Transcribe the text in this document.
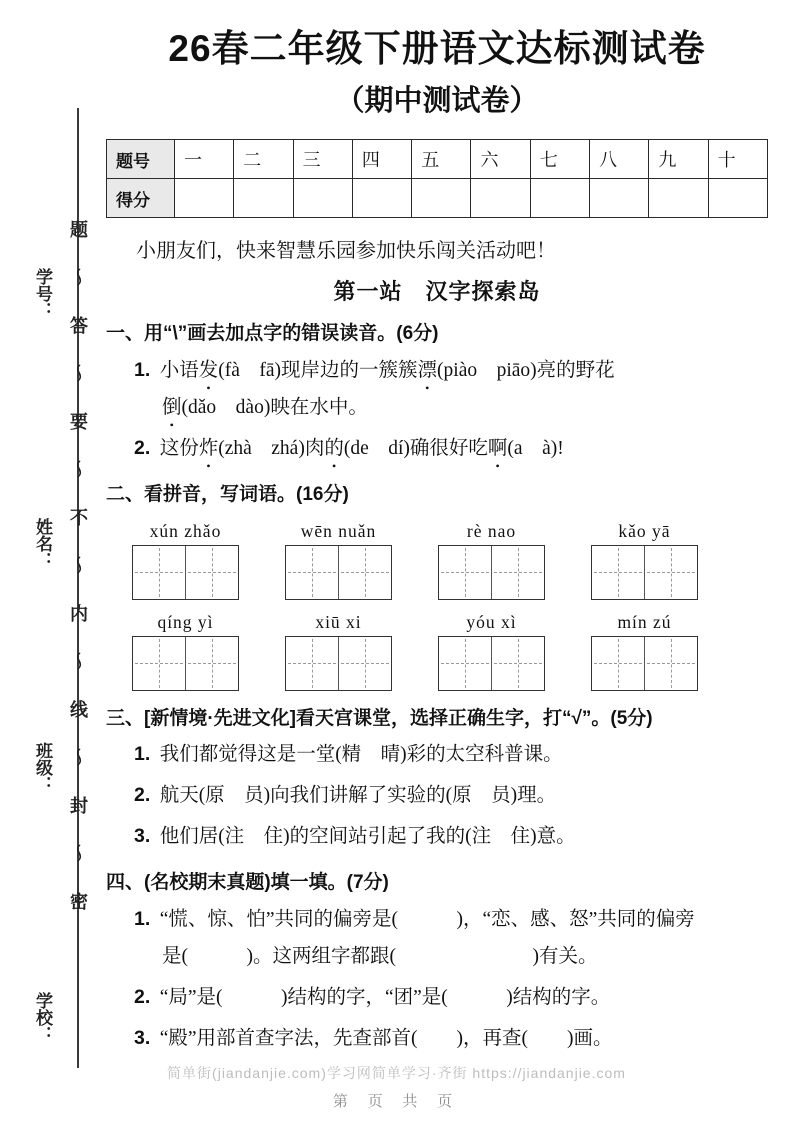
题〜答〜要〜不〜内〜线〜封〜密
学号：
姓名：
班级：
学校：
26春二年级下册语文达标测试卷
（期中测试卷）
题号	一	二	三	四	五	六	七	八	九	十
得分										
小朋友们，快来智慧乐园参加快乐闯关活动吧！
第一站　汉字探索岛
一、用“\”画去加点字的错误读音。(6分)
1. 小语发(fà　fā)现岸边的一簇簇漂(piào　piāo)亮的野花
倒(dǎo　dào)映在水中。
2. 这份炸(zhà　zhá)肉的(de　dí)确很好吃啊(a　à)!
二、看拼音，写词语。(16分)
xún zhǎo	wēn nuǎn	rè nao	kǎo yā
qíng yì	xiū xi	yóu xì	mín zú
三、[新情境·先进文化]看天宫课堂，选择正确生字，打“√”。(5分)
1. 我们都觉得这是一堂(精　晴)彩的太空科普课。
2. 航天(原　员)向我们讲解了实验的(原　员)理。
3. 他们居(注　住)的空间站引起了我的(注　住)意。
四、(名校期末真题)填一填。(7分)
1. “慌、惊、怕”共同的偏旁是(　　　)，“恋、感、怒”共同的偏旁
是(　　　)。这两组字都跟(　　　　　　　)有关。
2. “局”是(　　　)结构的字，“团”是(　　　)结构的字。
3. “殿”用部首查字法，先查部首(　　)，再查(　　)画。
简单街(jiandanjie.com)学习网简单学习·齐街 https://jiandanjie.com
第 页 共 页
